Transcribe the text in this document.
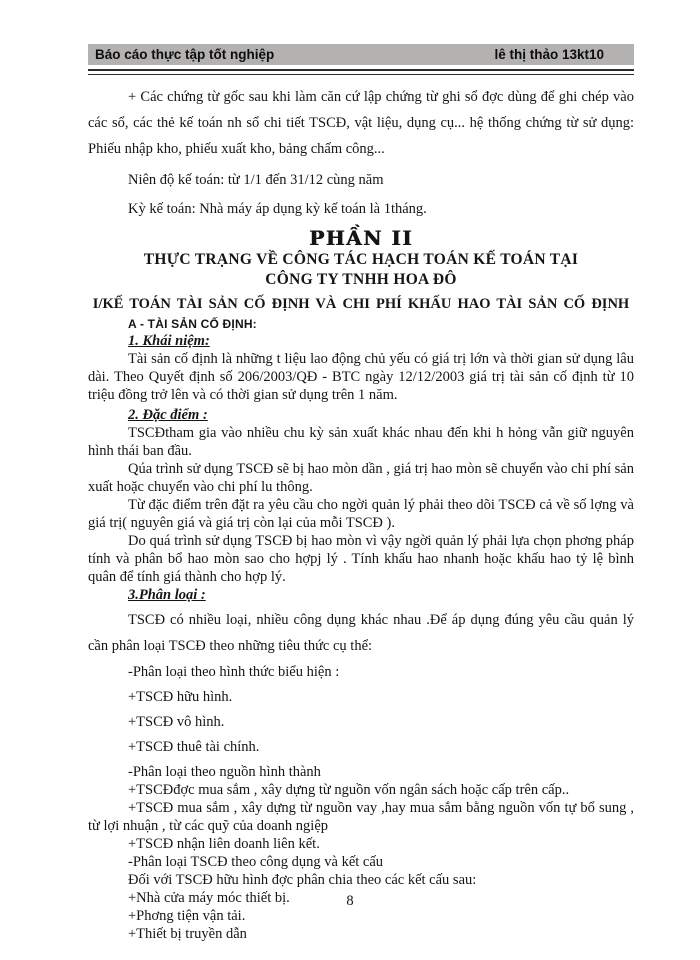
Báo cáo thực tập tốt nghiệp	lê thị thảo 13kt10

+ Các chứng từ gốc sau khi làm căn cứ lập chứng từ ghi sổ đợc dùng để ghi chép vào các sổ, các thẻ kế toán nh sổ chi tiết TSCĐ, vật liệu, dụng cụ... hệ thống chứng từ sử dụng: Phiếu nhập kho, phiếu xuất kho, bảng chấm công...

Niên độ kế toán: từ 1/1 đến 31/12 cùng năm

Kỳ kế toán: Nhà máy áp dụng kỳ kế toán là 1tháng.

PHẦN II

THỰC TRẠNG VỀ CÔNG TÁC HẠCH TOÁN KẾ TOÁN TẠI

CÔNG TY TNHH HOA ĐÔ

I/KẾ TOÁN TÀI SẢN CỐ ĐỊNH VÀ CHI PHÍ KHẤU HAO TÀI SẢN CỐ ĐỊNH

A - TÀI SẢN CỐ ĐỊNH:

1. Khái niệm:

Tài sản cố định là những t liệu lao động chủ yếu có giá trị lớn và thời gian sử dụng lâu dài. Theo Quyết định số 206/2003/QĐ - BTC ngày 12/12/2003 giá trị tài sản cố định từ 10 triệu đồng trở lên và có thời gian sử dụng trên 1 năm.

2. Đặc điểm :

TSCĐtham gia vào nhiều chu kỳ sản xuất khác nhau đến khi h hỏng vẫn giữ nguyên hình thái ban đầu.

Qúa trình sử dụng TSCĐ sẽ bị hao mòn dần , giá trị hao mòn sẽ chuyển vào chi phí sản xuất hoặc chuyển vào chi phí lu thông.

Từ đặc điểm trên đặt ra yêu cầu cho ngời quản lý phải theo dõi TSCĐ cả về số lợng và giá trị( nguyên giá và giá trị còn lại của mỗi TSCĐ ).

Do quá trình sử dụng TSCĐ bị hao mòn vì vậy ngời quản lý phải lựa chọn phơng pháp tính và phân bổ hao mòn sao cho hợpj lý . Tính khấu hao nhanh hoặc khấu hao tỷ lệ bình quân để tính giá thành cho hợp lý.

3.Phân loại :

TSCĐ có nhiều loại, nhiều công dụng khác nhau .Để áp dụng đúng yêu cầu quản lý cần phân loại TSCĐ theo những tiêu thức cụ thể:

-Phân loại theo hình thức biểu hiện :

+TSCĐ hữu hình.

+TSCĐ vô hình.

+TSCĐ thuê tài chính.

-Phân loại theo nguồn hình thành

+TSCĐđợc mua sắm , xây dựng từ nguồn vốn ngân sách hoặc cấp trên cấp..

+TSCĐ mua sắm , xây dựng từ nguồn vay ,hay mua sắm bằng nguồn vốn tự bổ sung , từ lợi nhuận , từ các quỹ của doanh ngiệp

+TSCĐ nhận liên doanh liên kết.

-Phân loại TSCĐ theo công dụng và kết cấu

Đối với TSCĐ hữu hình đợc phân chia theo các kết cấu sau:

+Nhà cửa máy móc thiết bị.

+Phơng tiện vận tải.

+Thiết bị truyền dẫn

8
